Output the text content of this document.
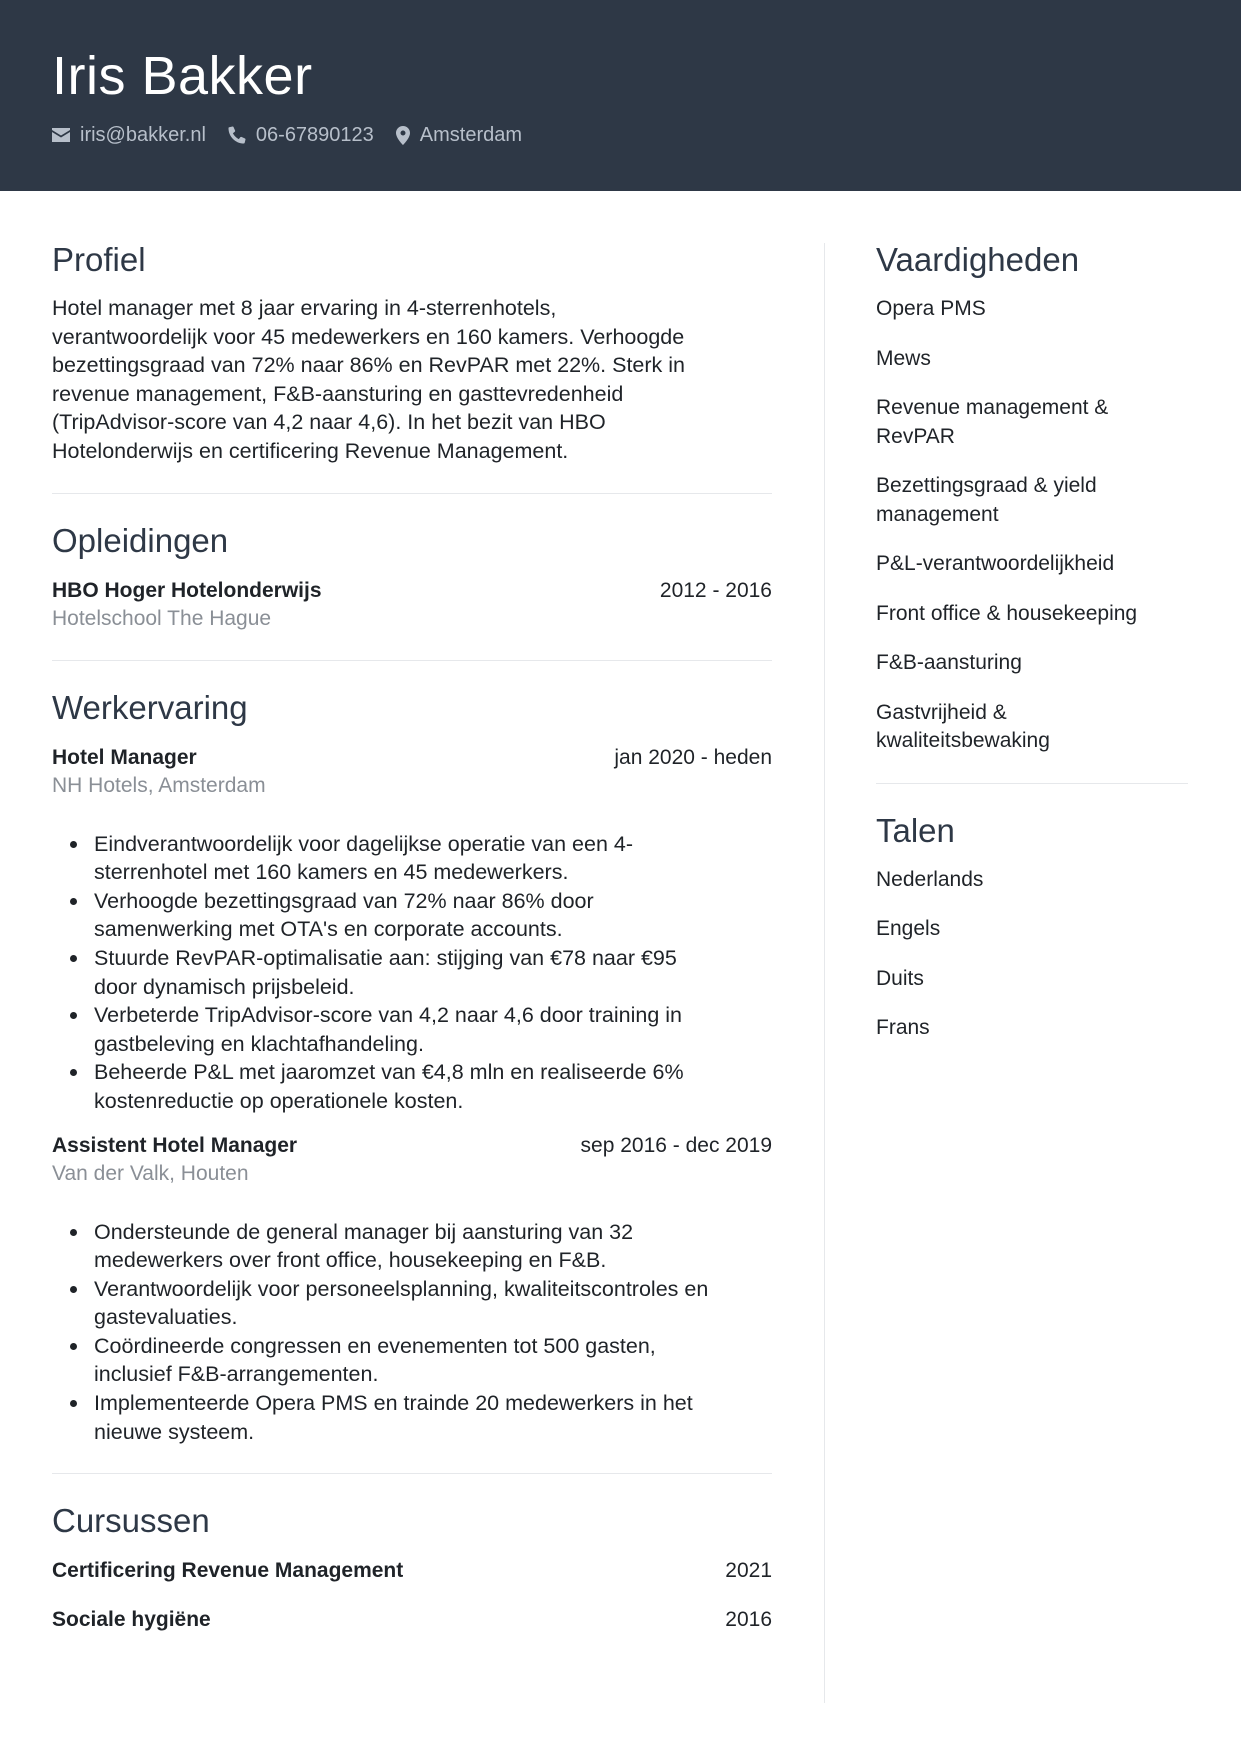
Iris Bakker
iris@bakker.nl	06-67890123 Amsterdam
Profiel

Hotel manager met 8 jaar ervaring in 4-sterrenhotels,
verantwoordelijk voor 45 medewerkers en 160 kamers. Verhoogde
bezettingsgraad van 72% naar 86% en RevPAR met 22%. Sterk in
revenue management, F&B-aansturing en gasttevredenheid
(TripAdvisor-score van 4,2 naar 4,6). In het bezit van HBO
Hotelonderwijs en certificering Revenue Management.

Opleidingen
HBO Hoger Hotelonderwijs	2012 - 2016
Hotelschool The Hague
Werkervaring
Hotel Manager	jan 2020 - heden
NH Hotels, Amsterdam
Eindverantwoordelijk voor dagelijkse operatie van een 4-
sterrenhotel met 160 kamers en 45 medewerkers.
Verhoogde bezettingsgraad van 72% naar 86% door
samenwerking met OTA's en corporate accounts.
Stuurde RevPAR-optimalisatie aan: stijging van €78 naar €95
door dynamisch prijsbeleid.
Verbeterde TripAdvisor-score van 4,2 naar 4,6 door training in
gastbeleving en klachtafhandeling.
Beheerde P&L met jaaromzet van €4,8 mln en realiseerde 6%
kostenreductie op operationele kosten.
Assistent Hotel Manager	sep 2016 - dec 2019
Van der Valk, Houten
Ondersteunde de general manager bij aansturing van 32
medewerkers over front office, housekeeping en F&B.
Verantwoordelijk voor personeelsplanning, kwaliteitscontroles en
gastevaluaties.
Coördineerde congressen en evenementen tot 500 gasten,
inclusief F&B-arrangementen.
Implementeerde Opera PMS en trainde 20 medewerkers in het
nieuwe systeem.
Cursussen
Certificering Revenue Management	2021
Sociale hygiëne	2016
Vaardigheden
Opera PMS
Mews
Revenue management &
RevPAR
Bezettingsgraad & yield
management
P&L-verantwoordelijkheid
Front office & housekeeping
F&B-aansturing
Gastvrijheid &
kwaliteitsbewaking
Talen
Nederlands
Engels
Duits
Frans
